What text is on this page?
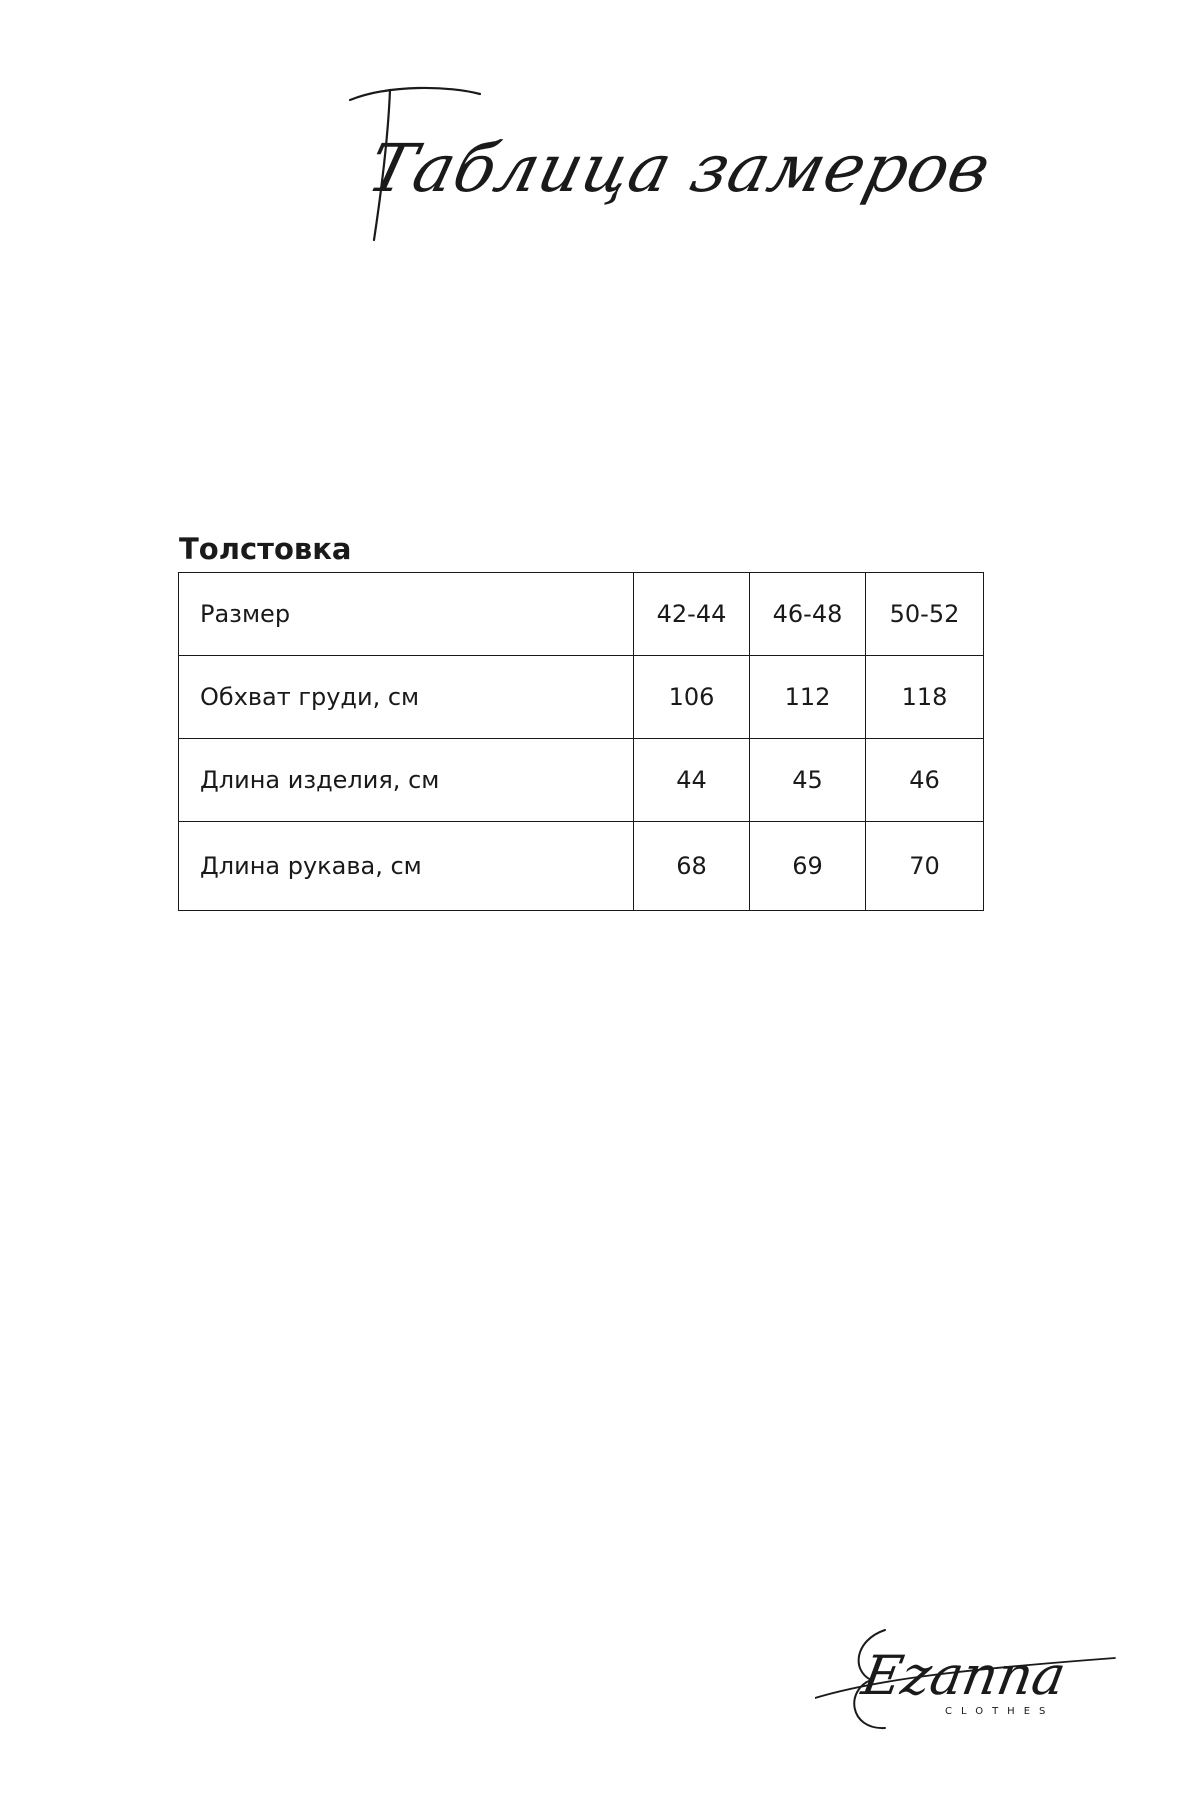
Таблица замеров
Толстовка
Размер	42-44	46-48	50-52
Обхват груди, см	106	112	118
Длина изделия, см	44	45	46
Длина рукава, см	68	69	70
Ezanna
CLOTHES
